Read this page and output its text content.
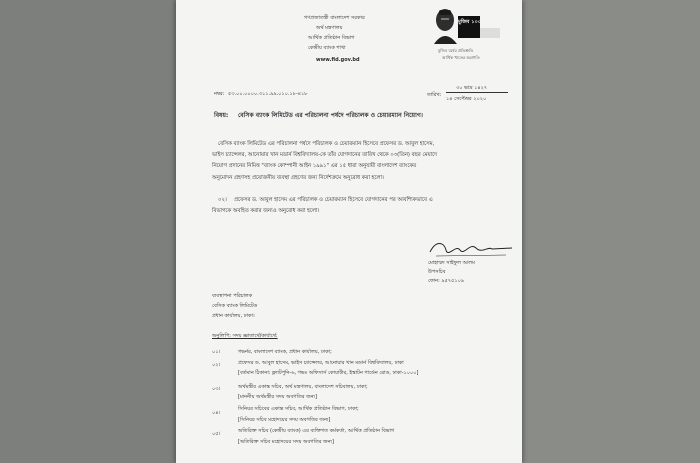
গণপ্রজাতন্ত্রী বাংলাদেশ সরকার
অর্থ মন্ত্রণালয়
আর্থিক প্রতিষ্ঠান বিভাগ
কেন্দ্রীয় ব্যাংক শাখা
www.fid.gov.bd
মুজিব ১০০
মুজিব বর্ষের প্রতিশ্রুতি
আর্থিক খাতের অগ্রগতি
নম্বর: ৫৩.০০.০০০০.৩১১.৯৯.০১০.১৮-৪১৮	তারিখ:
৩০ ভাদ্র ১৪২৭
১৪ সেপ্টেম্বর ২০২০
বিষয়: বেসিক ব্যাংক লিমিটেড এর পরিচালনা পর্ষদে পরিচালক ও চেয়ারম্যান নিয়োগ।
বেসিক ব্যাংক লিমিটেড এর পরিচালনা পর্ষদে পরিচালক ও চেয়ারম্যান হিসেবে প্রফেসর ড. আবুল হাসেম,
ভাইস চ্যান্সেলর, আনোয়ার খান মডার্ন বিশ্ববিদ্যালয়-কে তাঁর যোগদানের তারিখ থেকে ০৩(তিন) বছর মেয়াদে
নিয়োগ প্রদানের নিমিত্ত "ব্যাংক কোম্পানী আইন ১৯৯১" এর ১৫ ধারা অনুযায়ী বাংলাদেশ ব্যাংকের
অনুমোদন গ্রহণসহ প্রয়োজনীয় ব্যবস্থা গ্রহণের জন্য নির্দেশক্রমে অনুরোধ করা হলো।
০২। প্রফেসর ড. আবুল হাসেম এর পরিচালক ও চেয়ারম্যান হিসেবে যোগদানের পর আবশ্যিকভাবে এ
বিভাগকে অবহিত করার জন্যও অনুরোধ করা হলো।
মোহাম্মদ সাইফুল আলম
উপসচিব
ফোন: ৯৫৭৫১০৯
ব্যবস্থাপনা পরিচালক
বেসিক ব্যাংক লিমিটেড
প্রধান কার্যালয়, ঢাকা।
অনুলিপি: সদয় জ্ঞাতার্থে/কার্যার্থে:
০১।	গভর্নর, বাংলাদেশ ব্যাংক, প্রধান কার্যালয়, ঢাকা;
০২।	প্রফেসর ড. আবুল হাসেম, ভাইস চ্যান্সেলর, আনোয়ার খান মডার্ন বিশ্ববিদ্যালয়, ঢাকা
[বর্তমান ঠিকানা: ফ্ল্যাটপুনি-৬, গভঃ অফিসার্স কোয়ার্টার, ইস্কাটন গার্ডেন রোড, ঢাকা-১০০০]
০৩।	অর্থমন্ত্রীর একান্ত সচিব, অর্থ মন্ত্রণালয়, বাংলাদেশ সচিবালয়, ঢাকা;
[মাননীয় অর্থমন্ত্রীর সদয় অবগতির জন্য]
০৪।
সিনিয়র সচিবের একান্ত সচিব, আর্থিক প্রতিষ্ঠান বিভাগ, ঢাকা;
[সিনিয়র সচিব মহোদয়ের সদয় অবগতির জন্য]
০৫।	অতিরিক্ত সচিব (কেন্দ্রীয় ব্যাংক) এর ব্যক্তিগত কর্মকর্তা, আর্থিক প্রতিষ্ঠান বিভাগ
[অতিরিক্ত সচিব মহোদয়ের সদয় অবগতির জন্য]
